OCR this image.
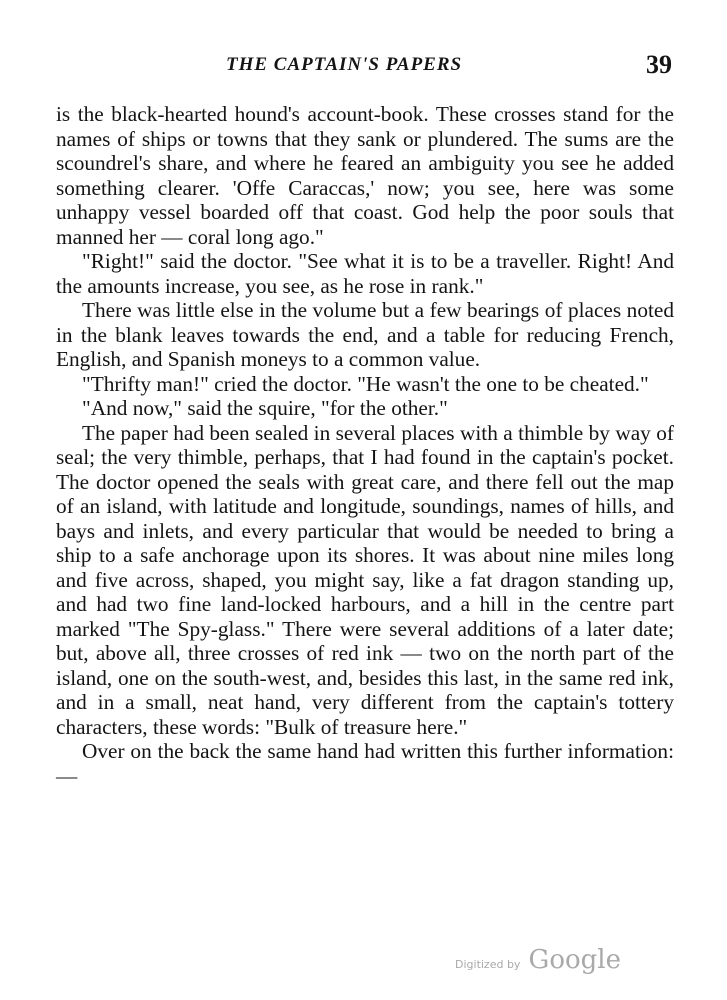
THE CAPTAIN'S PAPERS	39

is the black-hearted hound's account-book. These crosses stand for the names of ships or towns that they sank or plundered. The sums are the scoundrel's share, and where he feared an ambiguity you see he added something clearer. 'Offe Caraccas,' now; you see, here was some unhappy vessel boarded off that coast. God help the poor souls that manned her — coral long ago."

"Right!" said the doctor. "See what it is to be a traveller. Right! And the amounts increase, you see, as he rose in rank."

There was little else in the volume but a few bearings of places noted in the blank leaves towards the end, and a table for reducing French, English, and Spanish moneys to a common value.

"Thrifty man!" cried the doctor. "He wasn't the one to be cheated."

"And now," said the squire, "for the other."

The paper had been sealed in several places with a thimble by way of seal; the very thimble, perhaps, that I had found in the captain's pocket. The doctor opened the seals with great care, and there fell out the map of an island, with latitude and longitude, soundings, names of hills, and bays and inlets, and every particular that would be needed to bring a ship to a safe anchorage upon its shores. It was about nine miles long and five across, shaped, you might say, like a fat dragon standing up, and had two fine land-locked harbours, and a hill in the centre part marked "The Spy-glass." There were several additions of a later date; but, above all, three crosses of red ink — two on the north part of the island, one on the south-west, and, besides this last, in the same red ink, and in a small, neat hand, very different from the captain's tottery characters, these words: "Bulk of treasure here."

Over on the back the same hand had written this further information: —

Digitized by Google
